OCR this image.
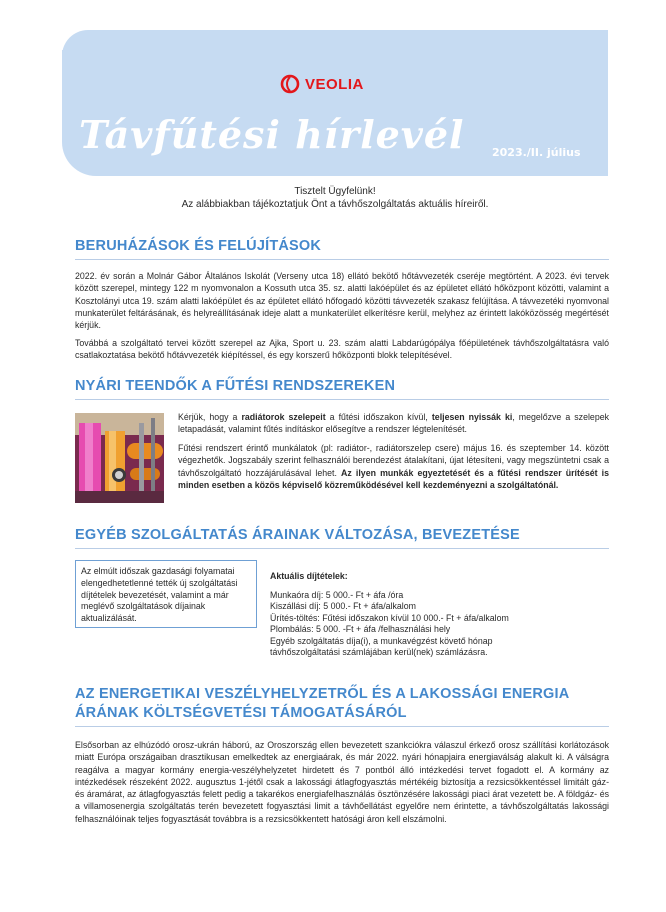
VEOLIA
Távfűtési hírlevél	2023./II. július
Tisztelt Ügyfelünk!
Az alábbiakban tájékoztatjuk Önt a távhőszolgáltatás aktuális híreiről.
BERUHÁZÁSOK ÉS FELÚJÍTÁSOK
2022. év során a Molnár Gábor Általános Iskolát (Verseny utca 18) ellátó bekötő hőtávvezeték cseréje megtörtént. A 2023. évi tervek között szerepel, mintegy 122 m nyomvonalon a Kossuth utca 35. sz. alatti lakóépület és az épületet ellátó hőközpont közötti, valamint a Kosztolányi utca 19. szám alatti lakóépület és az épületet ellátó hőfogadó közötti távvezeték szakasz felújítása. A távvezetéki nyomvonal munkaterület feltárásának, és helyreállításának ideje alatt a munkaterület elkerítésre kerül, melyhez az érintett lakóközösség megértését kérjük.
Továbbá a szolgáltató tervei között szerepel az Ajka, Sport u. 23. szám alatti Labdarúgópálya főépületének távhőszolgáltatásra való csatlakoztatása bekötő hőtávvezeték kiépítéssel, és egy korszerű hőközponti blokk telepítésével.
NYÁRI TEENDŐK A FŰTÉSI RENDSZEREKEN
Kérjük, hogy a radiátorok szelepeit a fűtési időszakon kívül, teljesen nyissák ki, megelőzve a szelepek letapadását, valamint fűtés indításkor elősegítve a rendszer légtelenítését.
Fűtési rendszert érintő munkálatok (pl: radiátor-, radiátorszelep csere) május 16. és szeptember 14. között végezhetők. Jogszabály szerint felhasználói berendezést átalakítani, újat létesíteni, vagy megszüntetni csak a távhőszolgáltató hozzájárulásával lehet. Az ilyen munkák egyeztetését és a fűtési rendszer ürítését is minden esetben a közös képviselő közreműködésével kell kezdeményezni a szolgáltatónál.
EGYÉB SZOLGÁLTATÁS ÁRAINAK VÁLTOZÁSA, BEVEZETÉSE
Az elmúlt időszak gazdasági folyamatai elengedhetetlenné tették új szolgáltatási díjtételek bevezetését, valamint a már meglévő szolgáltatások díjainak aktualizálását.
Aktuális díjtételek:
Munkaóra díj: 5 000.- Ft + áfa /óra
Kiszállási díj: 5 000.- Ft + áfa/alkalom
Ürítés-töltés: Fűtési időszakon kívül 10 000.- Ft + áfa/alkalom
Plombálás: 5 000. -Ft + áfa /felhasználási hely
Egyéb szolgáltatás díja(i), a munkavégzést követő hónap távhőszolgáltatási számlájában kerül(nek) számlázásra.
AZ ENERGETIKAI VESZÉLYHELYZETRŐL ÉS A LAKOSSÁGI ENERGIA
ÁRÁNAK KÖLTSÉGVETÉSI TÁMOGATÁSÁRÓL
Elsősorban az elhúzódó orosz-ukrán háború, az Oroszország ellen bevezetett szankciókra válaszul érkező orosz szállítási korlátozások miatt Európa országaiban drasztikusan emelkedtek az energiaárak, és már 2022. nyári hónapjaira energiaválság alakult ki. A válságra reagálva a magyar kormány energia-veszélyhelyzetet hirdetett és 7 pontból álló intézkedési tervet fogadott el. A kormány az intézkedések részeként 2022. augusztus 1-jétől csak a lakossági átlagfogyasztás mértékéig biztosítja a rezsicsökkentéssel limitált gáz- és áramárat, az átlagfogyasztás felett pedig a takarékos energiafelhasználás ösztönzésére lakossági piaci árat vezetett be. A földgáz- és a villamosenergia szolgáltatás terén bevezetett fogyasztási limit a távhőellátást egyelőre nem érintette, a távhőszolgáltatás lakossági felhasználóinak teljes fogyasztását továbbra is a rezsicsökkentett hatósági áron kell elszámolni.
